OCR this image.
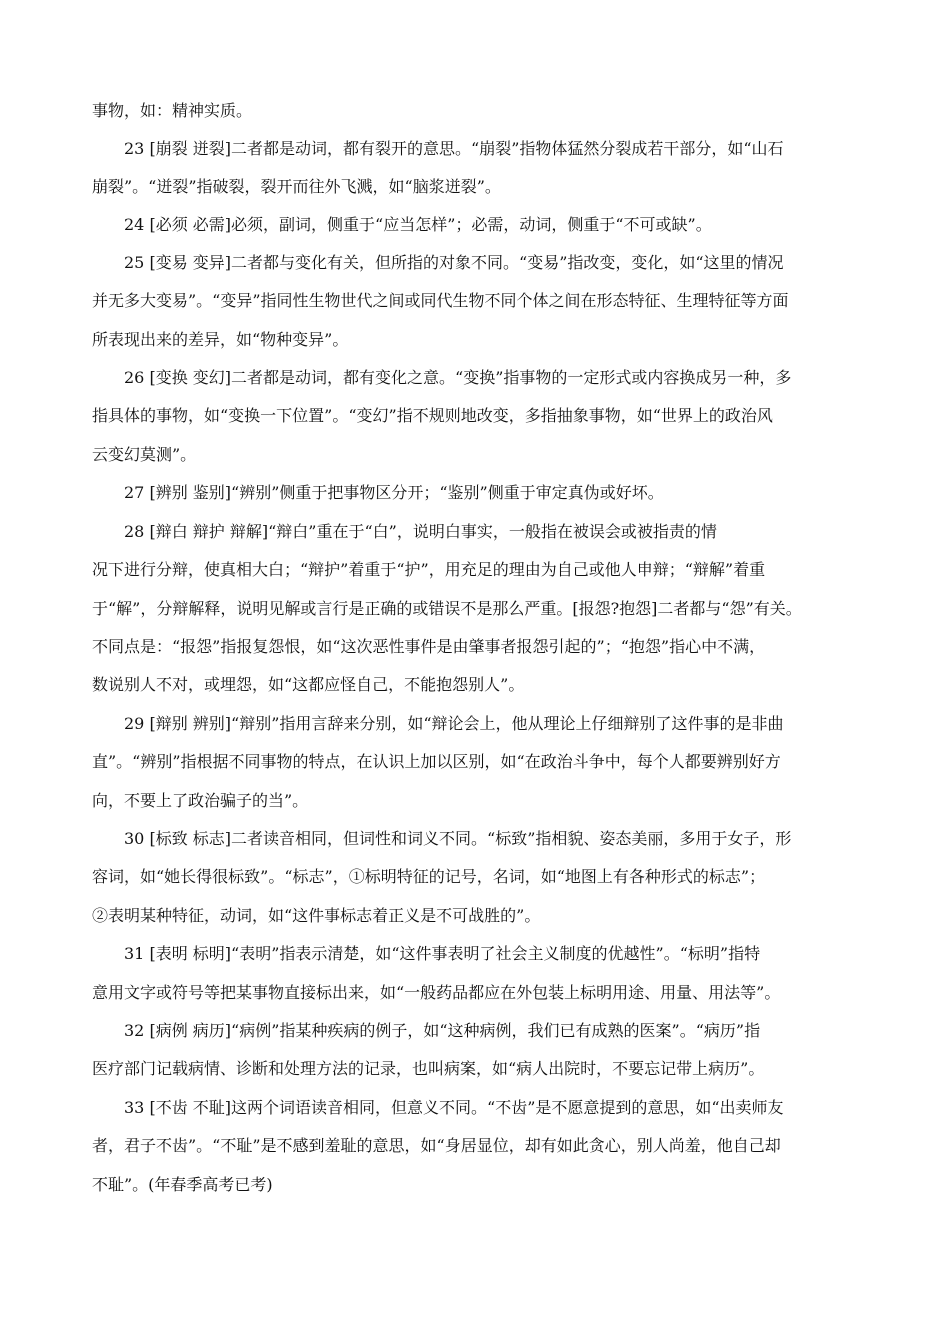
事物，如：精神实质。
23 [崩裂 迸裂]二者都是动词，都有裂开的意思。“崩裂”指物体猛然分裂成若干部分，如“山石
崩裂”。“迸裂”指破裂，裂开而往外飞溅，如“脑浆迸裂”。
24 [必须 必需]必须，副词，侧重于“应当怎样”；必需，动词，侧重于“不可或缺”。
25 [变易 变异]二者都与变化有关，但所指的对象不同。“变易”指改变，变化，如“这里的情况
并无多大变易”。“变异”指同性生物世代之间或同代生物不同个体之间在形态特征、生理特征等方面
所表现出来的差异，如“物种变异”。
26 [变换 变幻]二者都是动词，都有变化之意。“变换”指事物的一定形式或内容换成另一种，多
指具体的事物，如“变换一下位置”。“变幻”指不规则地改变，多指抽象事物，如“世界上的政治风
云变幻莫测”。
27 [辨别 鉴别]“辨别”侧重于把事物区分开；“鉴别”侧重于审定真伪或好坏。
28 [辩白 辩护 辩解]“辩白”重在于“白”，说明白事实，一般指在被误会或被指责的情
况下进行分辩，使真相大白；“辩护”着重于“护”，用充足的理由为自己或他人申辩；“辩解”着重
于“解”，分辩解释，说明见解或言行是正确的或错误不是那么严重。[报怨?抱怨]二者都与“怨”有关。
不同点是：“报怨”指报复怨恨，如“这次恶性事件是由肇事者报怨引起的”；“抱怨”指心中不满，
数说别人不对，或埋怨，如“这都应怪自己，不能抱怨别人”。
29 [辩别 辨别]“辩别”指用言辞来分别，如“辩论会上，他从理论上仔细辩别了这件事的是非曲
直”。“辨别”指根据不同事物的特点，在认识上加以区别，如“在政治斗争中，每个人都要辨别好方
向，不要上了政治骗子的当”。
30 [标致 标志]二者读音相同，但词性和词义不同。“标致”指相貌、姿态美丽，多用于女子，形
容词，如“她长得很标致”。“标志”，①标明特征的记号，名词，如“地图上有各种形式的标志”；
②表明某种特征，动词，如“这件事标志着正义是不可战胜的”。
31 [表明 标明]“表明”指表示清楚，如“这件事表明了社会主义制度的优越性”。“标明”指特
意用文字或符号等把某事物直接标出来，如“一般药品都应在外包装上标明用途、用量、用法等”。
32 [病例 病历]“病例”指某种疾病的例子，如“这种病例，我们已有成熟的医案”。“病历”指
医疗部门记载病情、诊断和处理方法的记录，也叫病案，如“病人出院时，不要忘记带上病历”。
33 [不齿 不耻]这两个词语读音相同，但意义不同。“不齿”是不愿意提到的意思，如“出卖师友
者，君子不齿”。“不耻”是不感到羞耻的意思，如“身居显位，却有如此贪心，别人尚羞，他自己却
不耻”。(年春季高考已考)
